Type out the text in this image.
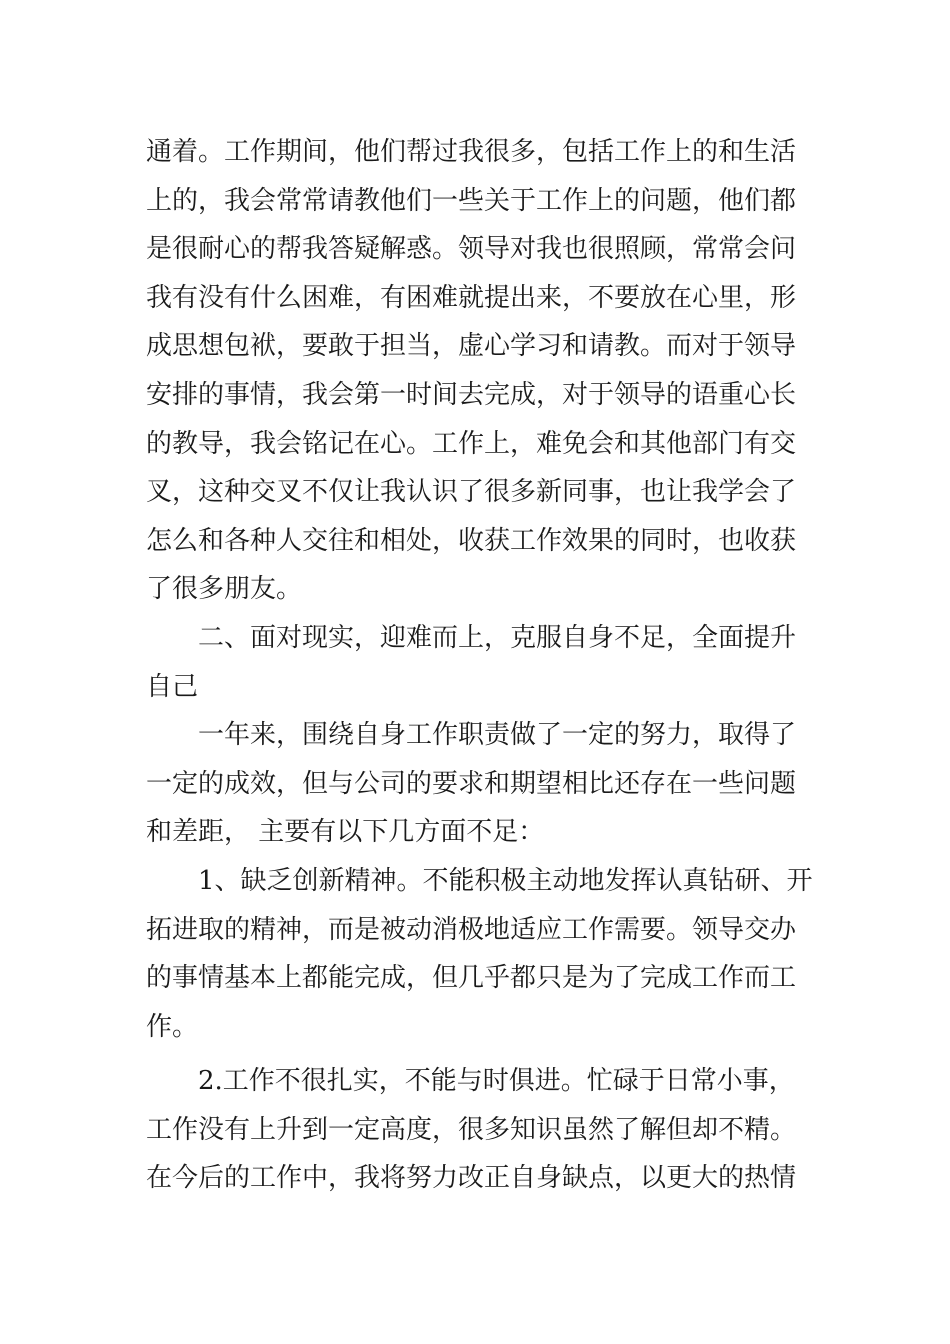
通着。工作期间，他们帮过我很多，包括工作上的和生活
上的，我会常常请教他们一些关于工作上的问题，他们都
是很耐心的帮我答疑解惑。领导对我也很照顾，常常会问
我有没有什么困难，有困难就提出来，不要放在心里，形
成思想包袱，要敢于担当，虚心学习和请教。而对于领导
安排的事情，我会第一时间去完成，对于领导的语重心长
的教导，我会铭记在心。工作上，难免会和其他部门有交
叉，这种交叉不仅让我认识了很多新同事，也让我学会了
怎么和各种人交往和相处，收获工作效果的同时，也收获
了很多朋友。
二、面对现实，迎难而上，克服自身不足，全面提升
自己
一年来，围绕自身工作职责做了一定的努力，取得了
一定的成效，但与公司的要求和期望相比还存在一些问题
和差距， 主要有以下几方面不足：
1、缺乏创新精神。不能积极主动地发挥认真钻研、开
拓进取的精神，而是被动消极地适应工作需要。领导交办
的事情基本上都能完成，但几乎都只是为了完成工作而工
作。
2.工作不很扎实，不能与时俱进。忙碌于日常小事，
工作没有上升到一定高度，很多知识虽然了解但却不精。
在今后的工作中，我将努力改正自身缺点，以更大的热情
